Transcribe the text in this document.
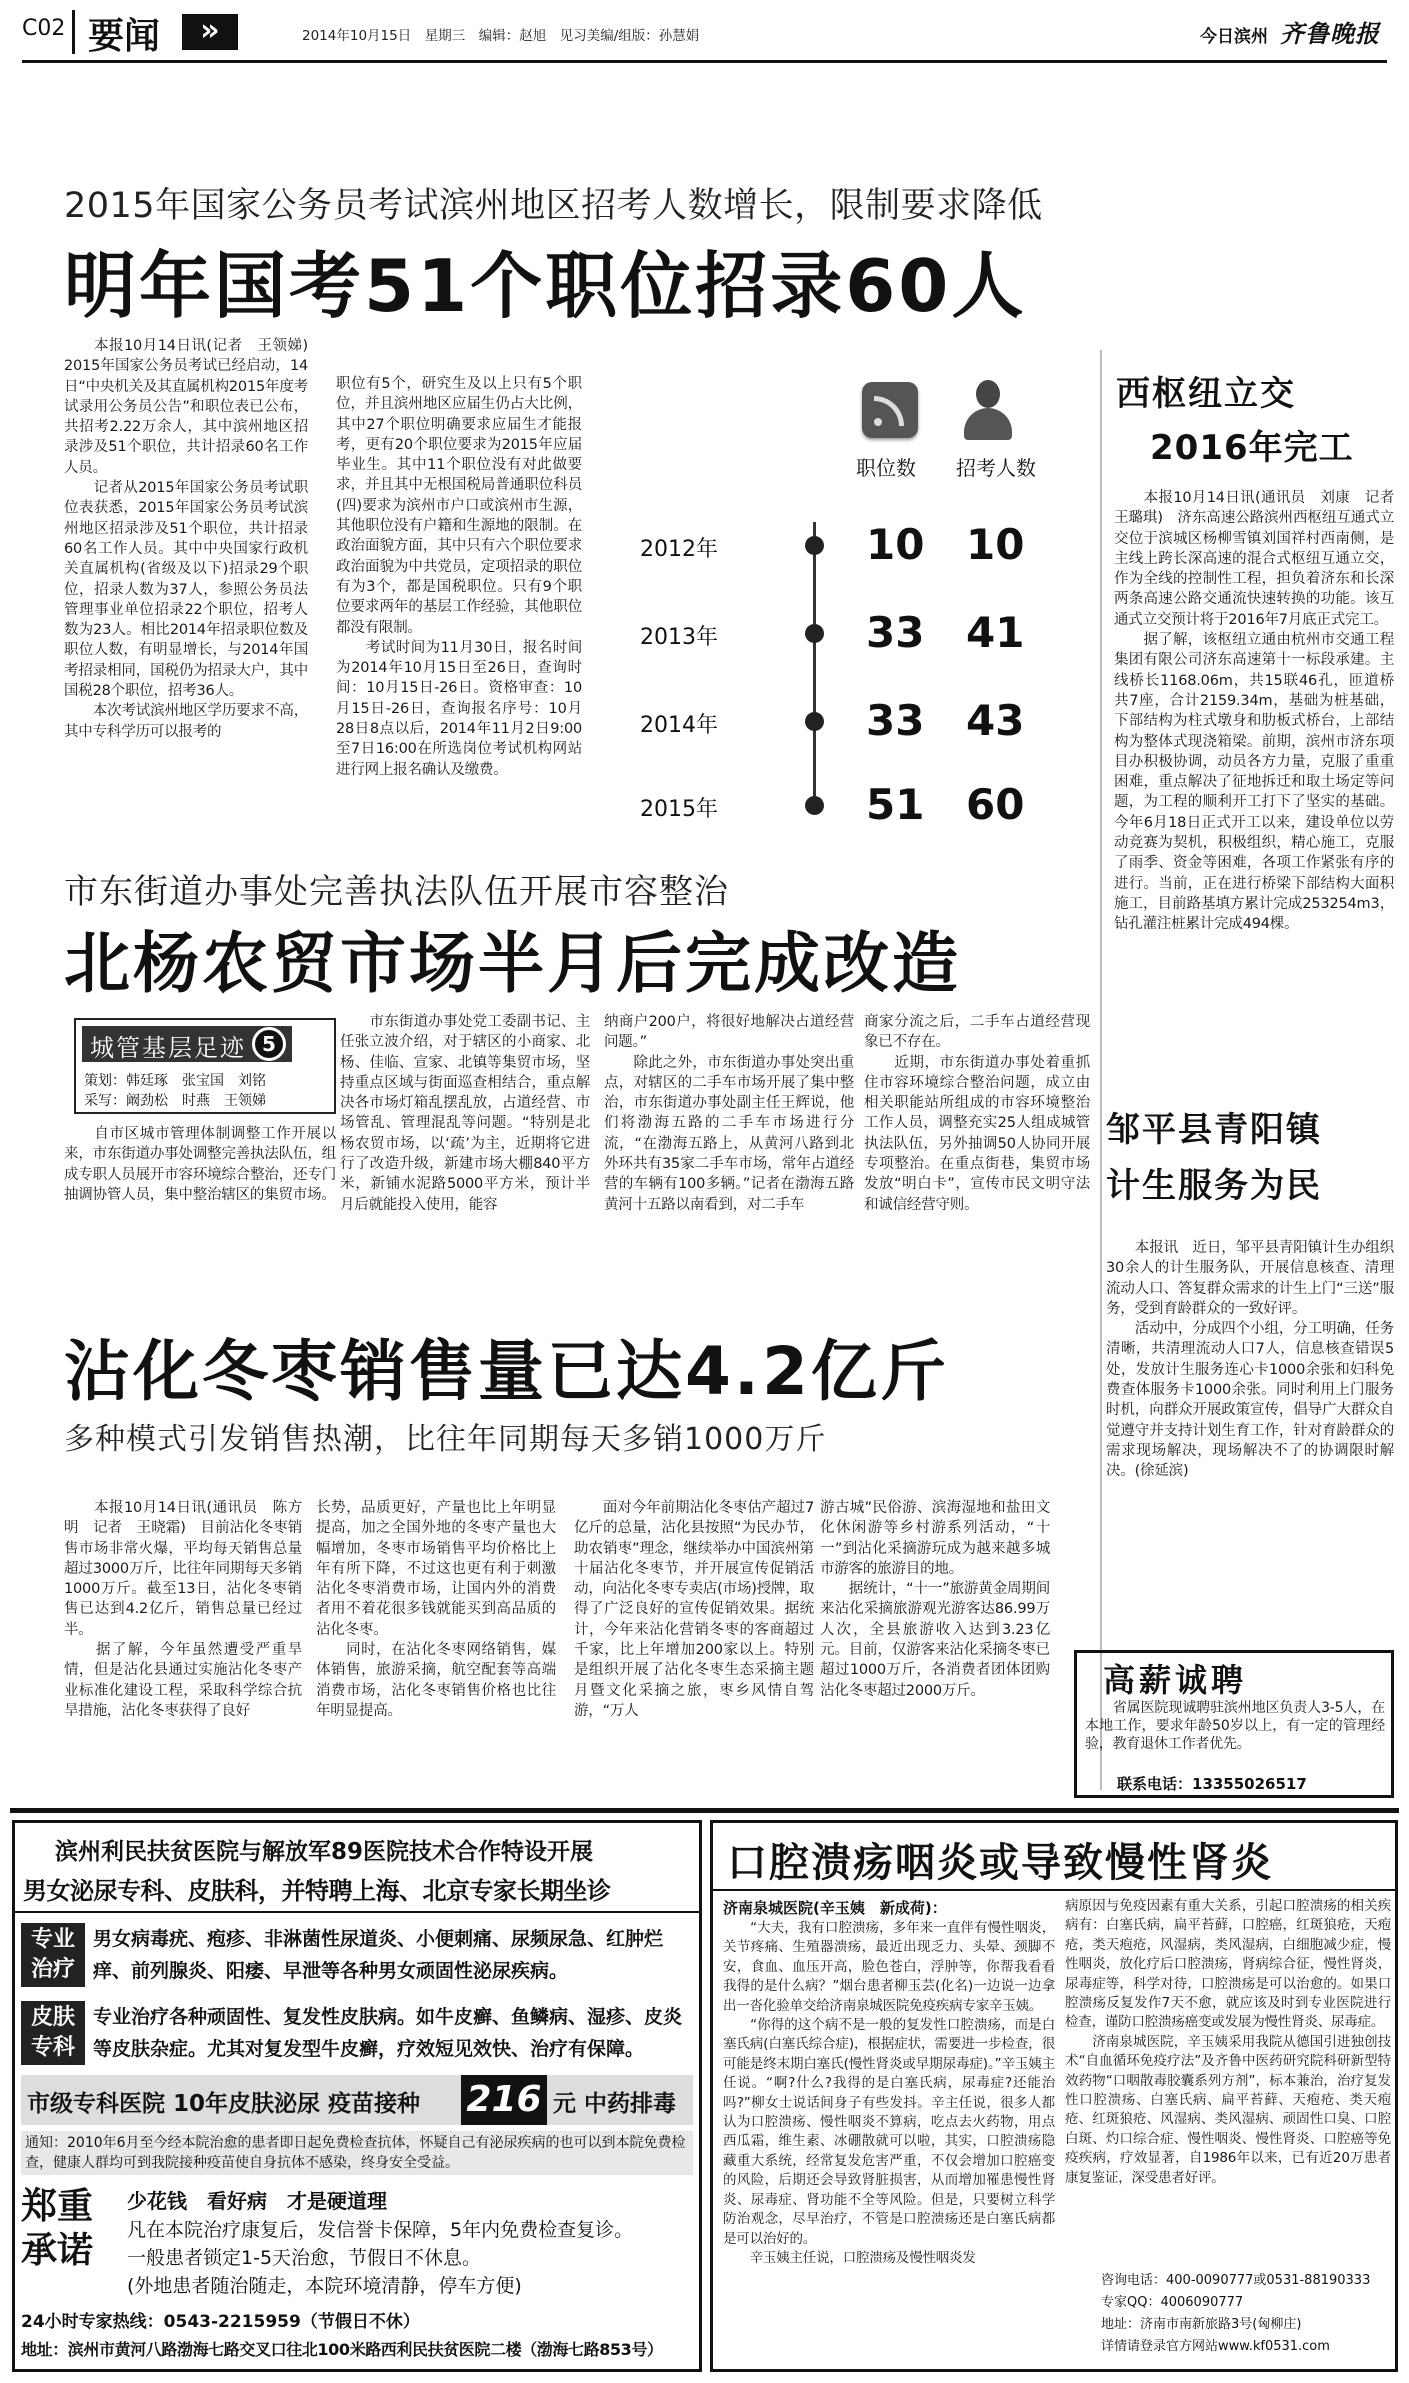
C02 要闻	»	2014年10月15日　星期三　编辑：赵旭　见习美编/组版：孙慧娟	今日滨州 齐鲁晚报
2015年国家公务员考试滨州地区招考人数增长，限制要求降低
明年国考51个职位招录60人
　　本报10月14日讯(记者　王领娣)　2015年国家公务员考试已经启动，14日“中央机关及其直属机构2015年度考试录用公务员公告”和职位表已公布，共招考2.22万余人，其中滨州地区招录涉及51个职位，共计招录60名工作人员。
　　记者从2015年国家公务员考试职位表获悉，2015年国家公务员考试滨州地区招录涉及51个职位，共计招录60名工作人员。其中中央国家行政机关直属机构(省级及以下)招录29个职位，招录人数为37人，参照公务员法管理事业单位招录22个职位，招考人数为23人。相比2014年招录职位数及职位人数，有明显增长，与2014年国考招录相同，国税仍为招录大户，其中国税28个职位，招考36人。
　　本次考试滨州地区学历要求不高，其中专科学历可以报考的
职位有5个，研究生及以上只有5个职位，并且滨州地区应届生仍占大比例，其中27个职位明确要求应届生才能报考，更有20个职位要求为2015年应届毕业生。其中11个职位没有对此做要求，并且其中无根国税局普通职位科员(四)要求为滨州市户口或滨州市生源，其他职位没有户籍和生源地的限制。在政治面貌方面，其中只有六个职位要求政治面貌为中共党员，定项招录的职位有为3个，都是国税职位。只有9个职位要求两年的基层工作经验，其他职位都没有限制。
　　考试时间为11月30日，报名时间为2014年10月15日至26日，查询时间：10月15日-26日。资格审查：10月15日-26日，查询报名序号：10月28日8点以后，2014年11月2日9:00至7日16:00在所选岗位考试机构网站进行网上报名确认及缴费。
职位数 招考人数
2012年	10 10
2013年	33 41
2014年	33 43
2015年	51 60
西枢纽立交
2016年完工
　　本报10月14日讯(通讯员　刘康　记者　王璐琪)　济东高速公路滨州西枢纽互通式立交位于滨城区杨柳雪镇刘国祥村西南侧，是主线上跨长深高速的混合式枢纽互通立交，作为全线的控制性工程，担负着济东和长深两条高速公路交通流快速转换的功能。该互通式立交预计将于2016年7月底正式完工。
　　据了解，该枢纽立通由杭州市交通工程集团有限公司济东高速第十一标段承建。主线桥长1168.06m，共15联46孔，匝道桥共7座，合计2159.34m，基础为桩基础，下部结构为柱式墩身和肋板式桥台，上部结构为整体式现浇箱梁。前期，滨州市济东项目办积极协调，动员各方力量，克服了重重困难，重点解决了征地拆迁和取土场定等问题，为工程的顺利开工打下了坚实的基础。今年6月18日正式开工以来，建设单位以劳动竞赛为契机，积极组织，精心施工，克服了雨季、资金等困难，各项工作紧张有序的进行。当前，正在进行桥梁下部结构大面积施工，目前路基填方累计完成253254m3，钻孔灌注桩累计完成494棵。
市东街道办事处完善执法队伍开展市容整治
北杨农贸市场半月后完成改造
城管基层足迹 5
策划：韩廷琢　张宝国　刘铭
采写：阚劲松　时燕　王领娣
　　自市区城市管理体制调整工作开展以来，市东街道办事处调整完善执法队伍，组成专职人员展开市容环境综合整治，还专门抽调协管人员，集中整治辖区的集贸市场。
　　市东街道办事处党工委副书记、主任张立波介绍，对于辖区的小商家、北杨、佳临、宣家、北镇等集贸市场，坚持重点区域与街面巡查相结合，重点解决各市场灯箱乱摆乱放，占道经营、市场管乱、管理混乱等问题。“特别是北杨农贸市场，以‘疏’为主，近期将它进行了改造升级，新建市场大棚840平方米，新铺水泥路5000平方米，预计半月后就能投入使用，能容
纳商户200户，将很好地解决占道经营问题。”
　　除此之外，市东街道办事处突出重点，对辖区的二手车市场开展了集中整治，市东街道办事处副主任王辉说，他们将渤海五路的二手车市场进行分流，“在渤海五路上，从黄河八路到北外环共有35家二手车市场，常年占道经营的车辆有100多辆。”记者在渤海五路黄河十五路以南看到，对二手车
商家分流之后，二手车占道经营现象已不存在。
　　近期，市东街道办事处着重抓住市容环境综合整治问题，成立由相关职能站所组成的市容环境整治工作人员，调整充实25人组成城管执法队伍，另外抽调50人协同开展专项整治。在重点街巷，集贸市场发放“明白卡”，宣传市民文明守法和诚信经营守则。
邹平县青阳镇
计生服务为民
　　本报讯　近日，邹平县青阳镇计生办组织30余人的计生服务队，开展信息核查、清理流动人口、答复群众需求的计生上门“三送”服务，受到育龄群众的一致好评。
　　活动中，分成四个小组，分工明确，任务清晰，共清理流动人口7人，信息核查错误5处，发放计生服务连心卡1000余张和妇科免费查体服务卡1000余张。同时利用上门服务时机，向群众开展政策宣传，倡导广大群众自觉遵守并支持计划生育工作，针对育龄群众的需求现场解决，现场解决不了的协调限时解决。(徐延滨)
沾化冬枣销售量已达4.2亿斤
多种模式引发销售热潮，比往年同期每天多销1000万斤
　　本报10月14日讯(通讯员　陈方明　记者　王晓霜)　目前沾化冬枣销售市场非常火爆，平均每天销售总量超过3000万斤，比往年同期每天多销1000万斤。截至13日，沾化冬枣销售已达到4.2亿斤，销售总量已经过半。
　　据了解，今年虽然遭受严重旱情，但是沾化县通过实施沾化冬枣产业标准化建设工程，采取科学综合抗旱措施，沾化冬枣获得了良好
长势，品质更好，产量也比上年明显提高，加之全国外地的冬枣产量也大幅增加，冬枣市场销售平均价格比上年有所下降，不过这也更有利于刺激沾化冬枣消费市场，让国内外的消费者用不着花很多钱就能买到高品质的沾化冬枣。
　　同时，在沾化冬枣网络销售，媒体销售，旅游采摘，航空配套等高端消费市场，沾化冬枣销售价格也比往年明显提高。
　　面对今年前期沾化冬枣估产超过7亿斤的总量，沾化县按照“为民办节，助农销枣”理念，继续举办中国滨州第十届沾化冬枣节，并开展宣传促销活动，向沾化冬枣专卖店(市场)授牌，取得了广泛良好的宣传促销效果。据统计，今年来沾化营销冬枣的客商超过千家，比上年增加200家以上。特别是组织开展了沾化冬枣生态采摘主题月暨文化采摘之旅，枣乡风情自驾游，“万人
游古城”民俗游、滨海湿地和盐田文化休闲游等乡村游系列活动，“十一”到沾化采摘游玩成为越来越多城市游客的旅游目的地。
　　据统计，“十一”旅游黄金周期间来沾化采摘旅游观光游客达86.99万人次，全县旅游收入达到3.23亿元。目前，仅游客来沾化采摘冬枣已超过1000万斤，各消费者团体团购沾化冬枣超过2000万斤。	高薪诚聘
　　省属医院现诚聘驻滨州地区负责人3-5人，在本地工作，要求年龄50岁以上，有一定的管理经验，教育退休工作者优先。
联系电话：13355026517
滨州利民扶贫医院与解放军89医院技术合作特设开展
男女泌尿专科、皮肤科，并特聘上海、北京专家长期坐诊
专业治疗
男女病毒疣、疱疹、非淋菌性尿道炎、小便刺痛、尿频尿急、红肿烂痒、前列腺炎、阳痿、早泄等各种男女顽固性泌尿疾病。
皮肤专科
专业治疗各种顽固性、复发性皮肤病。如牛皮癣、鱼鳞病、湿疹、皮炎等皮肤杂症。尤其对复发型牛皮癣，疗效短见效快、治疗有保障。
市级专科医院 10年皮肤泌尿 疫苗接种 216 元 中药排毒
通知：2010年6月至今经本院治愈的患者即日起免费检查抗体，怀疑自己有泌尿疾病的也可以到本院免费检查，健康人群均可到我院接种疫苗使自身抗体不感染，终身安全受益。
郑重承诺
少花钱　看好病　才是硬道理
凡在本院治疗康复后，发信誉卡保障，5年内免费检查复诊。
一般患者锁定1-5天治愈，节假日不休息。
(外地患者随治随走，本院环境清静，停车方便)
24小时专家热线：0543-2215959（节假日不休）
地址：滨州市黄河八路渤海七路交叉口往北100米路西利民扶贫医院二楼（渤海七路853号）
口腔溃疡咽炎或导致慢性肾炎
济南泉城医院(辛玉姨　新成荷)：
　　“大夫，我有口腔溃疡，多年来一直伴有慢性咽炎，关节疼痛、生殖器溃疡，最近出现乏力、头晕、颈脚不安，食血、血压开高，脸色苍白，浮肿等，你帮我看看我得的是什么病？”烟台患者柳玉芸(化名)一边说一边拿出一沓化验单交给济南泉城医院免疫疾病专家辛玉姨。
　　“你得的这个病不是一般的复发性口腔溃疡，而是白塞氏病(白塞氏综合症)，根据症状，需要进一步检查，很可能是终末期白塞氏(慢性肾炎或早期尿毒症)。”辛玉姨主任说。“啊?什么?我得的是白塞氏病，尿毒症?还能治吗?”柳女士说话间身子有些发抖。辛主任说，很多人都认为口腔溃疡、慢性咽炎不算病，吃点去火药物，用点西瓜霜，维生素、冰硼散就可以啦，其实，口腔溃疡隐藏重大系统，经常复发危害严重，不仅会增加口腔癌变的风险，后期还会导致肾脏损害，从而增加罹患慢性肾炎、尿毒症、肾功能不全等风险。但是，只要树立科学防治观念，尽早治疗，不管是口腔溃疡还是白塞氏病都是可以治好的。
　　辛玉姨主任说，口腔溃疡及慢性咽炎发
病原因与免疫因素有重大关系，引起口腔溃疡的相关疾病有：白塞氏病，扁平苔藓，口腔癌，红斑狼疮，天疱疮，类天疱疮，风湿病，类风湿病，白细胞减少症，慢性咽炎，放化疗后口腔溃疡，肾病综合征，慢性肾炎，尿毒症等，科学对待，口腔溃疡是可以治愈的。如果口腔溃疡反复发作7天不愈，就应该及时到专业医院进行检查，谨防口腔溃疡癌变或发展为慢性肾炎、尿毒症。
　　济南泉城医院，辛玉姨采用我院从德国引进独创技术“自血循环免疫疗法”及齐鲁中医药研究院科研新型特效药物“口咽散毒胶囊系列方剂”，标本兼治，治疗复发性口腔溃疡、白塞氏病、扁平苔藓、天疱疮、类天疱疮、红斑狼疮、风湿病、类风湿病、顽固性口臭、口腔白斑、灼口综合症、慢性咽炎、慢性肾炎、口腔癌等免疫疾病，疗效显著，自1986年以来，已有近20万患者康复鉴证，深受患者好评。
咨询电话：400-0090777或0531-88190333
专家QQ：4006090777
地址：济南市南新旅路3号(匈柳庄)
详情请登录官方网站www.kf0531.com
